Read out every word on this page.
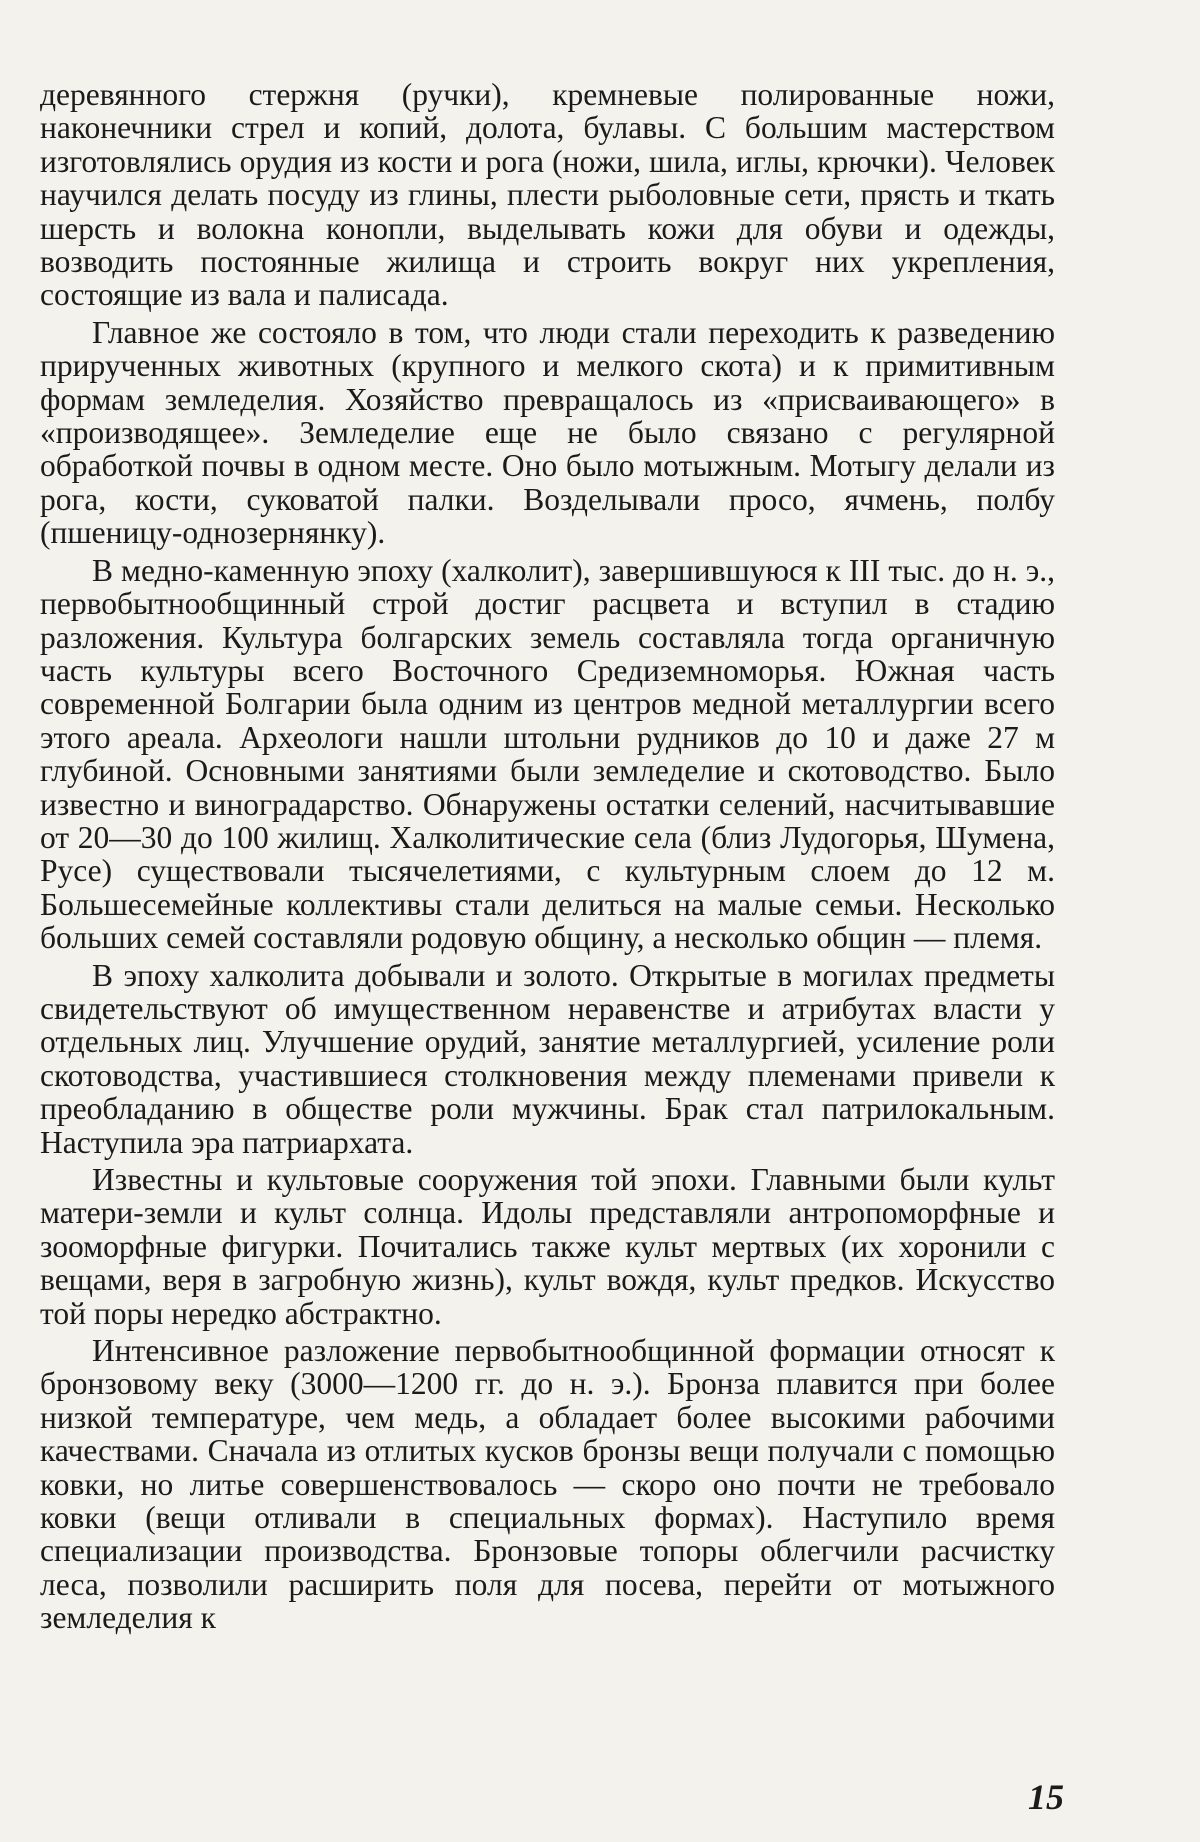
деревянного стержня (ручки), кремневые полированные ножи, наконечники стрел и копий, долота, булавы. С большим мастерством изготовлялись орудия из кости и рога (ножи, шила, иглы, крючки). Человек научился делать посуду из глины, плести рыболовные сети, прясть и ткать шерсть и волокна конопли, выделывать кожи для обуви и одежды, возводить постоянные жилища и строить вокруг них укрепления, состоящие из вала и палисада.

Главное же состояло в том, что люди стали переходить к разведению прирученных животных (крупного и мелкого скота) и к примитивным формам земледелия. Хозяйство превращалось из «присваивающего» в «производящее». Земледелие еще не было связано с регулярной обработкой почвы в одном месте. Оно было мотыжным. Мотыгу делали из рога, кости, суковатой палки. Возделывали просо, ячмень, полбу (пшеницу-однозернянку).

В медно-каменную эпоху (халколит), завершившуюся к III тыс. до н. э., первобытнообщинный строй достиг расцвета и вступил в стадию разложения. Культура болгарских земель составляла тогда органичную часть культуры всего Восточного Средиземноморья. Южная часть современной Болгарии была одним из центров медной металлургии всего этого ареала. Археологи нашли штольни рудников до 10 и даже 27 м глубиной. Основными занятиями были земледелие и скотоводство. Было известно и виноградарство. Обнаружены остатки селений, насчитывавшие от 20—30 до 100 жилищ. Халколитические села (близ Лудогорья, Шумена, Русе) существовали тысячелетиями, с культурным слоем до 12 м. Большесемейные коллективы стали делиться на малые семьи. Несколько больших семей составляли родовую общину, а несколько общин — племя.

В эпоху халколита добывали и золото. Открытые в могилах предметы свидетельствуют об имущественном неравенстве и атрибутах власти у отдельных лиц. Улучшение орудий, занятие металлургией, усиление роли скотоводства, участившиеся столкновения между племенами привели к преобладанию в обществе роли мужчины. Брак стал патрилокальным. Наступила эра патриархата.

Известны и культовые сооружения той эпохи. Главными были культ матери-земли и культ солнца. Идолы представляли антропоморфные и зооморфные фигурки. Почитались также культ мертвых (их хоронили с вещами, веря в загробную жизнь), культ вождя, культ предков. Искусство той поры нередко абстрактно.

Интенсивное разложение первобытнообщинной формации относят к бронзовому веку (3000—1200 гг. до н. э.). Бронза плавится при более низкой температуре, чем медь, а обладает более высокими рабочими качествами. Сначала из отлитых кусков бронзы вещи получали с помощью ковки, но литье совершенствовалось — скоро оно почти не требовало ковки (вещи отливали в специальных формах). Наступило время специализации производства. Бронзовые топоры облегчили расчистку леса, позволили расширить поля для посева, перейти от мотыжного земледелия к

15
